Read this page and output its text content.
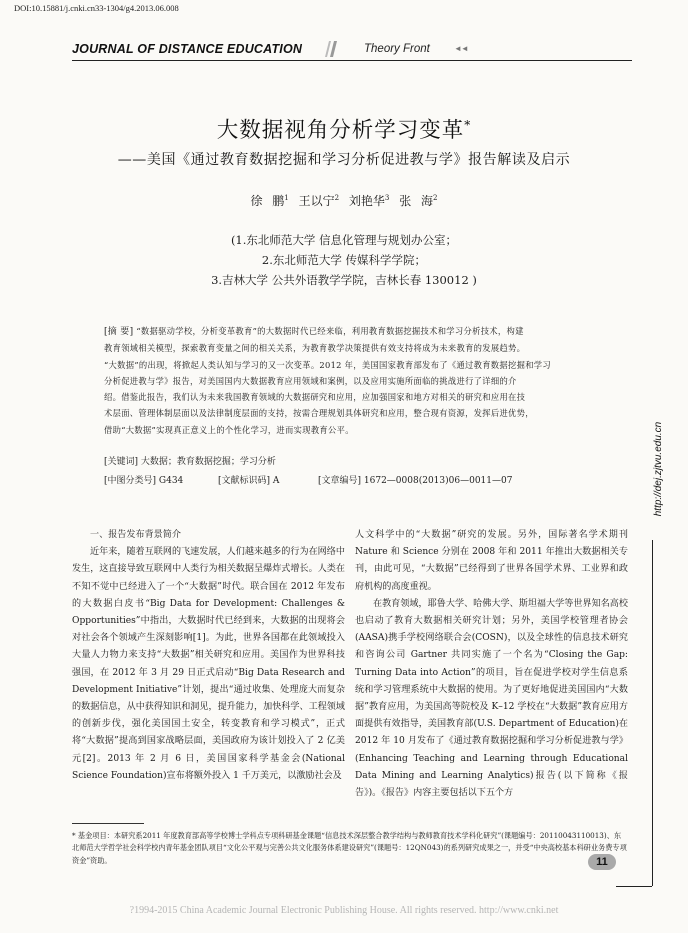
DOI:10.15881/j.cnki.cn33-1304/g4.2013.06.008
JOURNAL OF DISTANCE EDUCATION	Theory Front	◄◄
大数据视角分析学习变革*
——美国《通过教育数据挖掘和学习分析促进教与学》报告解读及启示
徐 鹏$^1$ 王以宁$^2$ 刘艳华$^3$ 张 海$^2$
(1.东北师范大学 信息化管理与规划办公室；
2.东北师范大学 传媒科学学院；
3.吉林大学 公共外语教学学院，吉林长春 130012 )
[摘 要] “数据驱动学校，分析变革教育”的大数据时代已经来临，利用教育数据挖掘技术和学习分析技术，构建
教育领域相关模型，探索教育变量之间的相关关系，为教育教学决策提供有效支持将成为未来教育的发展趋势。
“大数据”的出现，将掀起人类认知与学习的又一次变革。2012 年，美国国家教育部发布了《通过教育数据挖掘和学习
分析促进教与学》报告，对美国国内大数据教育应用领域和案例，以及应用实施所面临的挑战进行了详细的介
绍。借鉴此报告，我们认为未来我国教育领域的大数据研究和应用，应加强国家和地方对相关的研究和应用在技
术层面、管理体制层面以及法律制度层面的支持，按需合理规划具体研究和应用，整合现有资源，发挥后进优势，
借助“大数据”实现真正意义上的个性化学习，进而实现教育公平。
[关键词] 大数据；教育数据挖掘；学习分析
[中图分类号] G434	[文献标识码] A	[文章编号] 1672—0008(2013)06—0011—07

一、报告发布背景简介

近年来，随着互联网的飞速发展，人们越来越多的行为在网络中发生，这直接导致互联网中人类行为相关数据呈爆炸式增长。人类在不知不觉中已经进入了一个“大数据”时代。联合国在 2012 年发布的大数据白皮书“Big Data for Development: Challenges & Opportunities”中指出，大数据时代已经到来，大数据的出现将会对社会各个领域产生深刻影响[1]。为此，世界各国都在此领域投入大量人力物力来支持“大数据”相关研究和应用。美国作为世界科技强国，在 2012 年 3 月 29 日正式启动“Big Data Research and Development Initiative”计划，提出“通过收集、处理庞大而复杂的数据信息，从中获得知识和洞见，提升能力，加快科学、工程领域的创新步伐，强化美国国土安全，转变教育和学习模式”，正式将“大数据”提高到国家战略层面，美国政府为该计划投入了 2 亿美元[2]。2013 年 2 月 6 日，美国国家科学基金会(National Science Foundation)宣布将额外投入 1 千万美元，以激励社会及

人文科学中的“大数据”研究的发展。另外，国际著名学术期刊 Nature 和 Science 分别在 2008 年和 2011 年推出大数据相关专刊，由此可见，“大数据”已经得到了世界各国学术界、工业界和政府机构的高度重视。

在教育领域，耶鲁大学、哈佛大学、斯坦福大学等世界知名高校也启动了教育大数据相关研究计划；另外，美国学校管理者协会(AASA)携手学校网络联合会(COSN)，以及全球性的信息技术研究和咨询公司 Gartner 共同实施了一个名为“Closing the Gap: Turning Data into Action”的项目，旨在促进学校对学生信息系统和学习管理系统中大数据的使用。为了更好地促进美国国内“大数据”教育应用，为美国高等院校及 K–12 学校在“大数据”教育应用方面提供有效指导，美国教育部(U.S. Department of Education)在 2012 年 10 月发布了《通过教育数据挖掘和学习分析促进教与学》(Enhancing Teaching and Learning through Educational Data Mining and Learning Analytics)报告(以下简称《报告》)。《报告》内容主要包括以下五个方

* 基金项目：本研究系2011 年度教育部高等学校博士学科点专项科研基金课题“信息技术深层整合教学结构与教师教育技术学科化研究”(课题编号：20110043110013)、东北师范大学哲学社会科学校内青年基金团队项目“文化公平观与完善公共文化服务体系建设研究”(课题号：12QN043)的系列研究成果之一，并受“中央高校基本科研业务费专项资金”资助。	11
http://dej.zjtvu.edu.cn
?1994-2015 China Academic Journal Electronic Publishing House. All rights reserved. http://www.cnki.net
